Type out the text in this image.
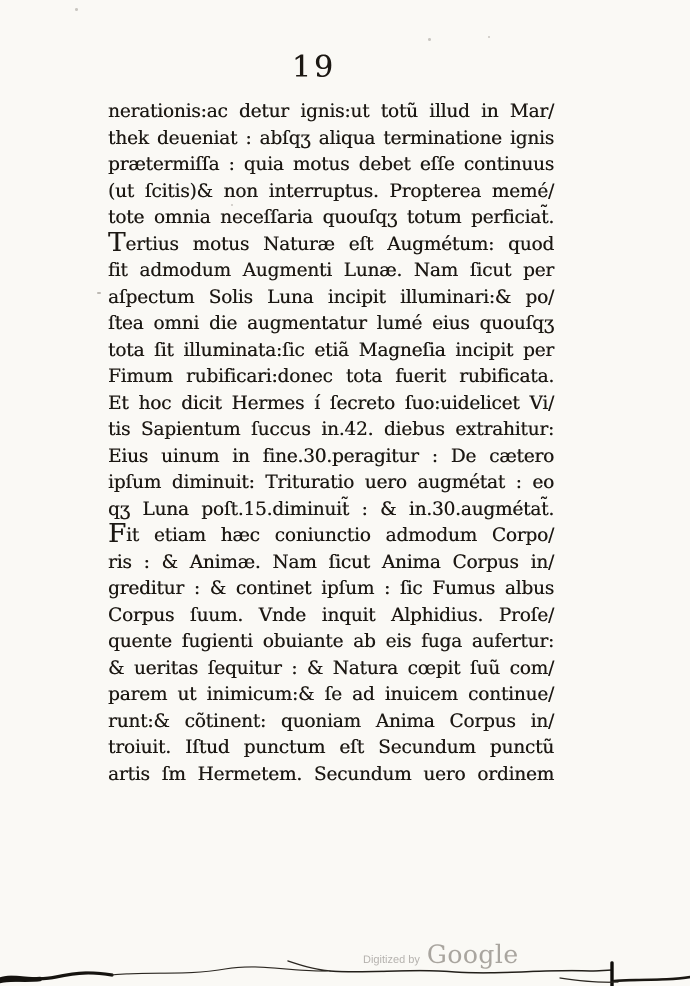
19
nerationis:ac detur ignis:ut totũ illud in Mar/
thek deueniat : abſqʒ aliqua terminatione ignis
prætermiſſa : quia motus debet eſſe continuus
(ut ſcitis)& non interruptus. Propterea memé/
tote omnia neceſſaria quouſqʒ totum perficiat̃.
Tertius motus Naturæ eſt Augmétum: quod
fit admodum Augmenti Lunæ. Nam ſicut per
aſpectum Solis Luna incipit illuminari:& po/
ſtea omni die augmentatur lumé eius quouſqʒ
tota ſit illuminata:ſic etiã Magneſia incipit per
Fimum rubificari:donec tota fuerit rubificata.
Et hoc dicit Hermes í ſecreto ſuo:uidelicet Vi/
tis Sapientum ſuccus in.42. diebus extrahitur:
Eius uinum in fine.30.peragitur : De cætero
ipſum diminuit: Trituratio uero augmétat : eo
qʒ Luna poſt.15.diminuit̃ : & in.30.augmétat̃.
Fit etiam hæc coniunctio admodum Corpo/
ris : & Animæ. Nam ſicut Anima Corpus in/
greditur : & continet ipſum : ſic Fumus albus
Corpus ſuum. Vnde inquit Alphidius. Proſe/
quente fugienti obuiante ab eis fuga aufertur:
& ueritas ſequitur : & Natura cœpit ſuũ com/
parem ut inimicum:& ſe ad inuicem continue/
runt:& cõtinent: quoniam Anima Corpus in/
troiuit. Iſtud punctum eſt Secundum punctũ
artis ſm Hermetem. Secundum uero ordinem
Digitized by Google
